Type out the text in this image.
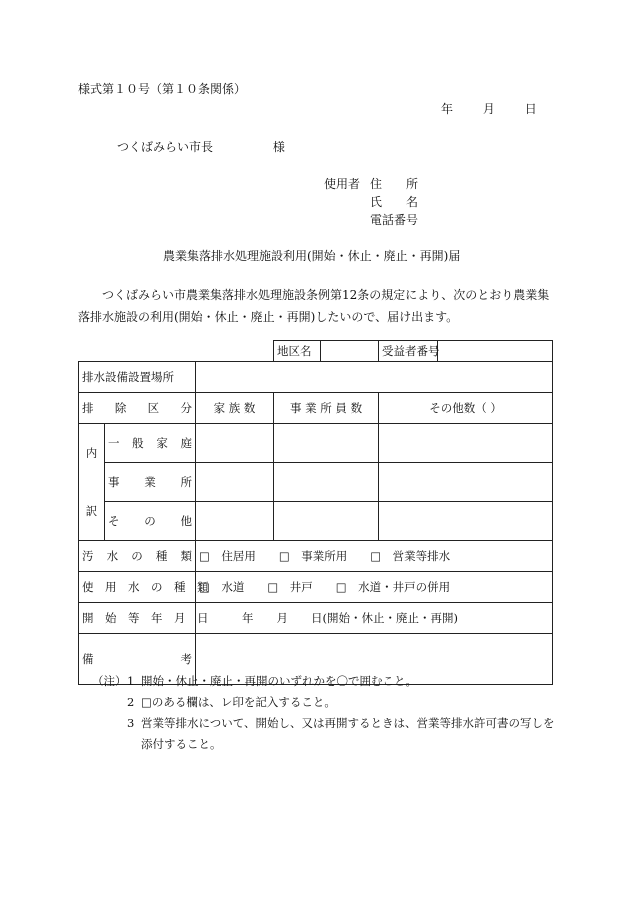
様式第１０号（第１０条関係）
年 月 日
つくばみらい市長	様
使用者 住　　所
氏　　名
電話番号
農業集落排水処理施設利用(開始・休止・廃止・再開)届
つくばみらい市農業集落排水処理施設条例第12条の規定により、次のとおり農業集落排水施設の利用(開始・休止・廃止・再開)したいので、届け出ます。
			地区名		受益者番号	
排水設備設置場所						
排　除　区　分		家 族 数	事 業 所 員 数		その他数（ ）	

内
訳	一　般　家　庭					
	事　　業　　所					
	そ　の　他					
汚　水　の　種　類		□　住居用　　□　事業所用　　□　営業等排水				
使　用　水　の　種　類		□　水道　　□　井戸　　□　水道・井戸の併用				
開　始　等　年　月　日		年　　月　　日(開始・休止・廃止・再開)				
備　　考						
（注） 1 開始・休止・廃止・再開のいずれかを〇で囲むこと。
2 □のある欄は、レ印を記入すること。
3 営業等排水について、開始し、又は再開するときは、営業等排水許可書の写しを添付すること。
